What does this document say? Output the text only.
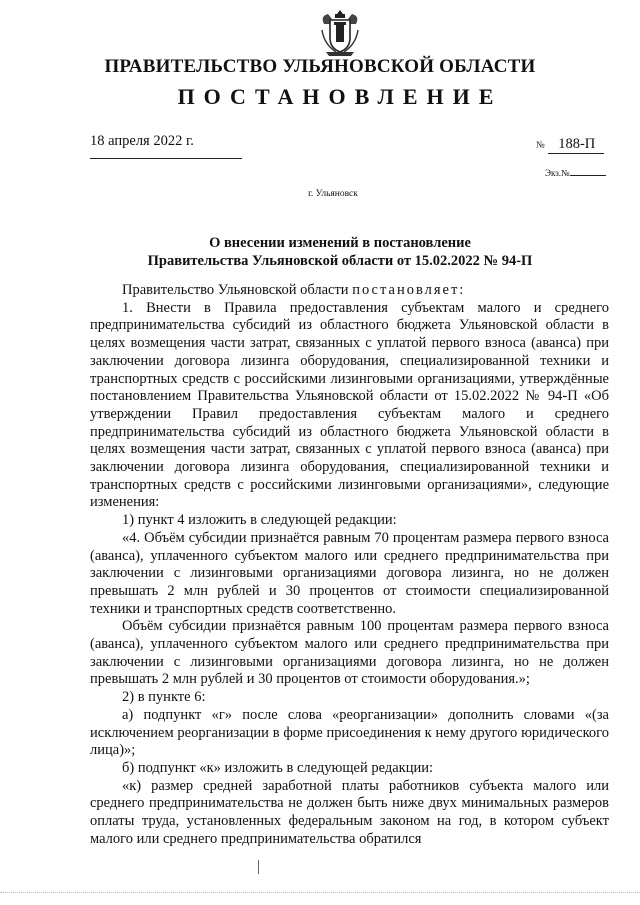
ПРАВИТЕЛЬСТВО УЛЬЯНОВСКОЙ ОБЛАСТИ
ПОСТАНОВЛЕНИЕ
18 апреля 2022 г.	№ 188-П
Экз.№
г. Ульяновск
О внесении изменений в постановление
Правительства Ульяновской области от 15.02.2022 № 94-П

Правительство Ульяновской области постановляет:

1. Внести в Правила предоставления субъектам малого и среднего предпринимательства субсидий из областного бюджета Ульяновской области в целях возмещения части затрат, связанных с уплатой первого взноса (аванса) при заключении договора лизинга оборудования, специализированной техники и транспортных средств с российскими лизинговыми организациями, утверждённые постановлением Правительства Ульяновской области от 15.02.2022 № 94-П «Об утверждении Правил предоставления субъектам малого и среднего предпринимательства субсидий из областного бюджета Ульяновской области в целях возмещения части затрат, связанных с уплатой первого взноса (аванса) при заключении договора лизинга оборудования, специализированной техники и транспортных средств с российскими лизинговыми организациями», следующие изменения:

1) пункт 4 изложить в следующей редакции:

«4. Объём субсидии признаётся равным 70 процентам размера первого взноса (аванса), уплаченного субъектом малого или среднего предпринимательства при заключении с лизинговыми организациями договора лизинга, но не должен превышать 2 млн рублей и 30 процентов от стоимости специализированной техники и транспортных средств соответственно.

Объём субсидии признаётся равным 100 процентам размера первого взноса (аванса), уплаченного субъектом малого или среднего предпринимательства при заключении с лизинговыми организациями договора лизинга, но не должен превышать 2 млн рублей и 30 процентов от стоимости оборудования.»;

2) в пункте 6:

а) подпункт «г» после слова «реорганизации» дополнить словами «(за исключением реорганизации в форме присоединения к нему другого юридического лица)»;

б) подпункт «к» изложить в следующей редакции:

«к) размер средней заработной платы работников субъекта малого или среднего предпринимательства не должен быть ниже двух минимальных размеров оплаты труда, установленных федеральным законом на год, в котором субъект малого или среднего предпринимательства обратился
